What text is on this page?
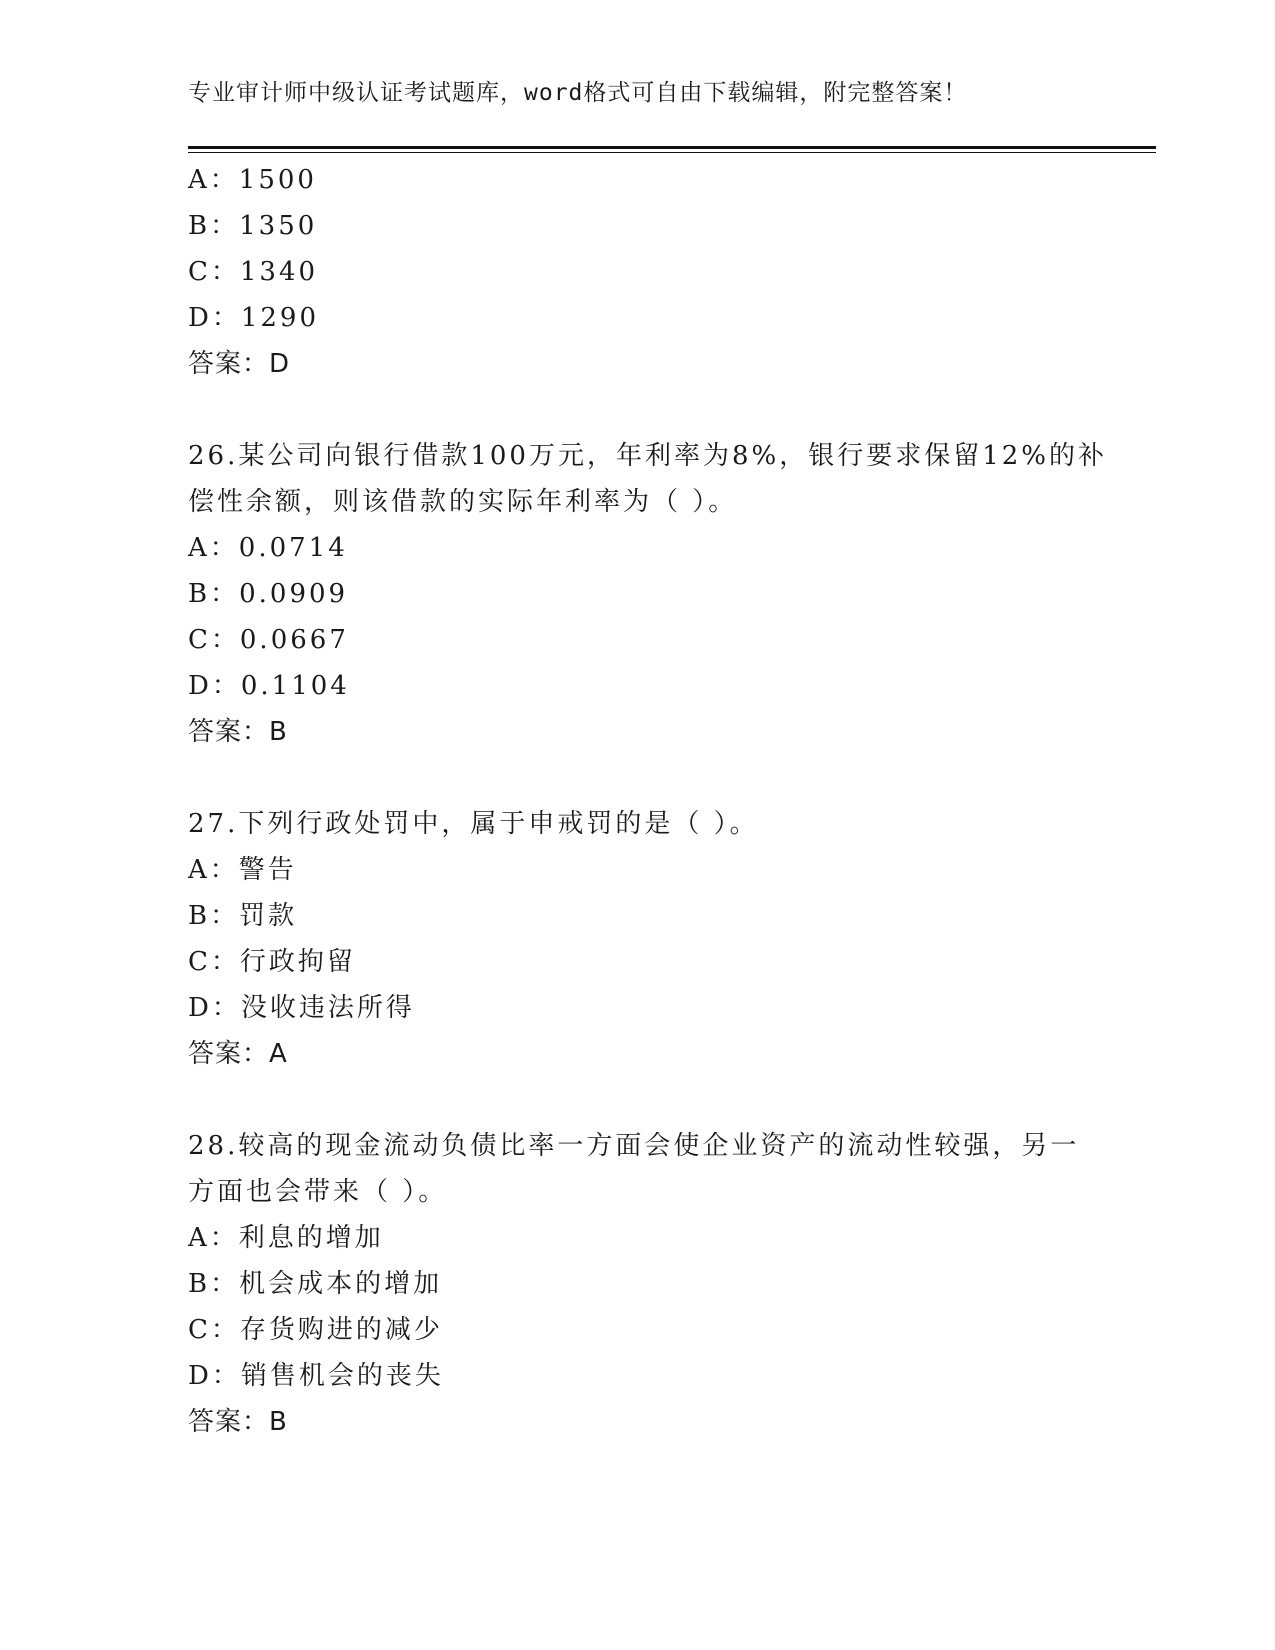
专业审计师中级认证考试题库，word格式可自由下载编辑，附完整答案！
A：1500
B：1350
C：1340
D：1290
答案：D
26.某公司向银行借款100万元，年利率为8%，银行要求保留12%的补
偿性余额，则该借款的实际年利率为（ ）。
A：0.0714
B：0.0909
C：0.0667
D：0.1104
答案：B
27.下列行政处罚中，属于申戒罚的是（ ）。
A：警告
B：罚款
C：行政拘留
D：没收违法所得
答案：A
28.较高的现金流动负债比率一方面会使企业资产的流动性较强，另一
方面也会带来（ ）。
A：利息的增加
B：机会成本的增加
C：存货购进的减少
D：销售机会的丧失
答案：B
